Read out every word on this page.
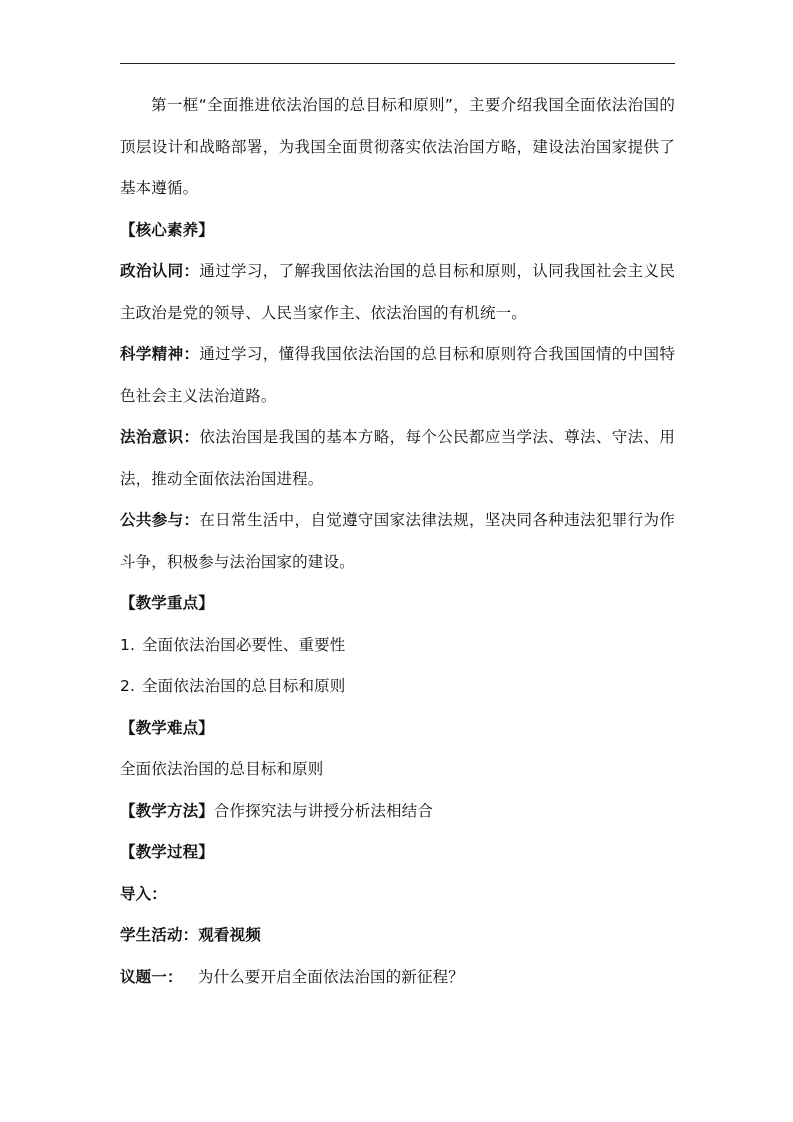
.

第一框“全面推进依法治国的总目标和原则”，主要介绍我国全面依法治国的顶层设计和战略部署，为我国全面贯彻落实依法治国方略，建设法治国家提供了基本遵循。

【核心素养】

政治认同：通过学习，了解我国依法治国的总目标和原则，认同我国社会主义民主政治是党的领导、人民当家作主、依法治国的有机统一。

科学精神：通过学习，懂得我国依法治国的总目标和原则符合我国国情的中国特色社会主义法治道路。

法治意识：依法治国是我国的基本方略，每个公民都应当学法、尊法、守法、用法，推动全面依法治国进程。

公共参与：在日常生活中，自觉遵守国家法律法规，坚决同各种违法犯罪行为作斗争，积极参与法治国家的建设。

【教学重点】

1. 全面依法治国必要性、重要性

2. 全面依法治国的总目标和原则

【教学难点】

全面依法治国的总目标和原则

【教学方法】合作探究法与讲授分析法相结合

【教学过程】

导入：

学生活动：观看视频

议题一： 为什么要开启全面依法治国的新征程？
